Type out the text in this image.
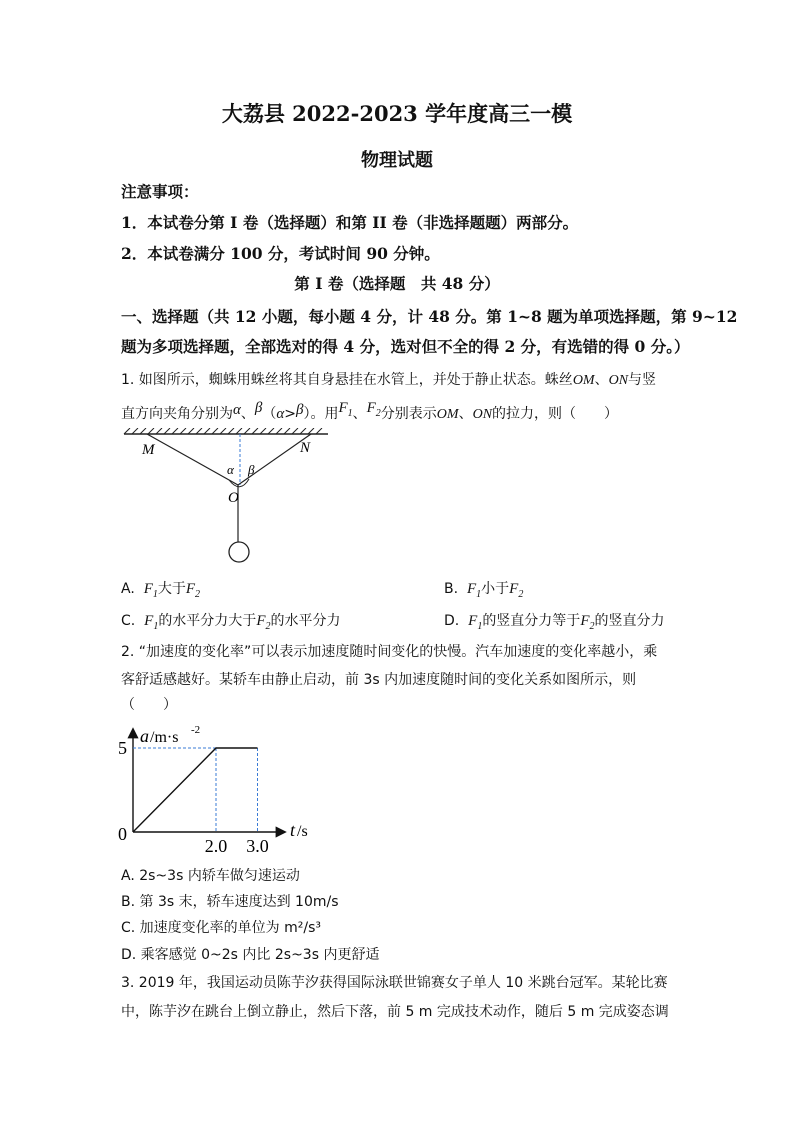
大荔县 2022-2023 学年度高三一模
物理试题
注意事项：
1．本试卷分第 I 卷（选择题）和第 II 卷（非选择题题）两部分。
2．本试卷满分 100 分，考试时间 90 分钟。
第 I 卷（选择题　共 48 分）
一、选择题（共 12 小题，每小题 4 分，计 48 分。第 1~8 题为单项选择题，第 9~12
题为多项选择题，全部选对的得 4 分，选对但不全的得 2 分，有选错的得 0 分。）
1. 如图所示，蜘蛛用蛛丝将其自身悬挂在水管上，并处于静止状态。蛛丝OM、ON与竖
直方向夹角分别为α、β（α>β）。用$F_1$、$F_2$分别表示OM、ON的拉力，则（　　）
M	N
α β
O
A. $F_1$大于$F_2$	B. $F_1$小于$F_2$
C. $F_1$的水平分力大于$F_2$的水平分力	D. $F_1$的竖直分力等于$F_2$的竖直分力
2. “加速度的变化率”可以表示加速度随时间变化的快慢。汽车加速度的变化率越小，乘
客舒适感越好。某轿车由静止启动，前 3s 内加速度随时间的变化关系如图所示，则
（　　）
a /m·s -2
5
0
2.0 3.0
t /s
A. 2s~3s 内轿车做匀速运动
B. 第 3s 末，轿车速度达到 10m/s
C. 加速度变化率的单位为 m²/s³
D. 乘客感觉 0~2s 内比 2s~3s 内更舒适
3. 2019 年，我国运动员陈芋汐获得国际泳联世锦赛女子单人 10 米跳台冠军。某轮比赛
中，陈芋汐在跳台上倒立静止，然后下落，前 5 m 完成技术动作，随后 5 m 完成姿态调
